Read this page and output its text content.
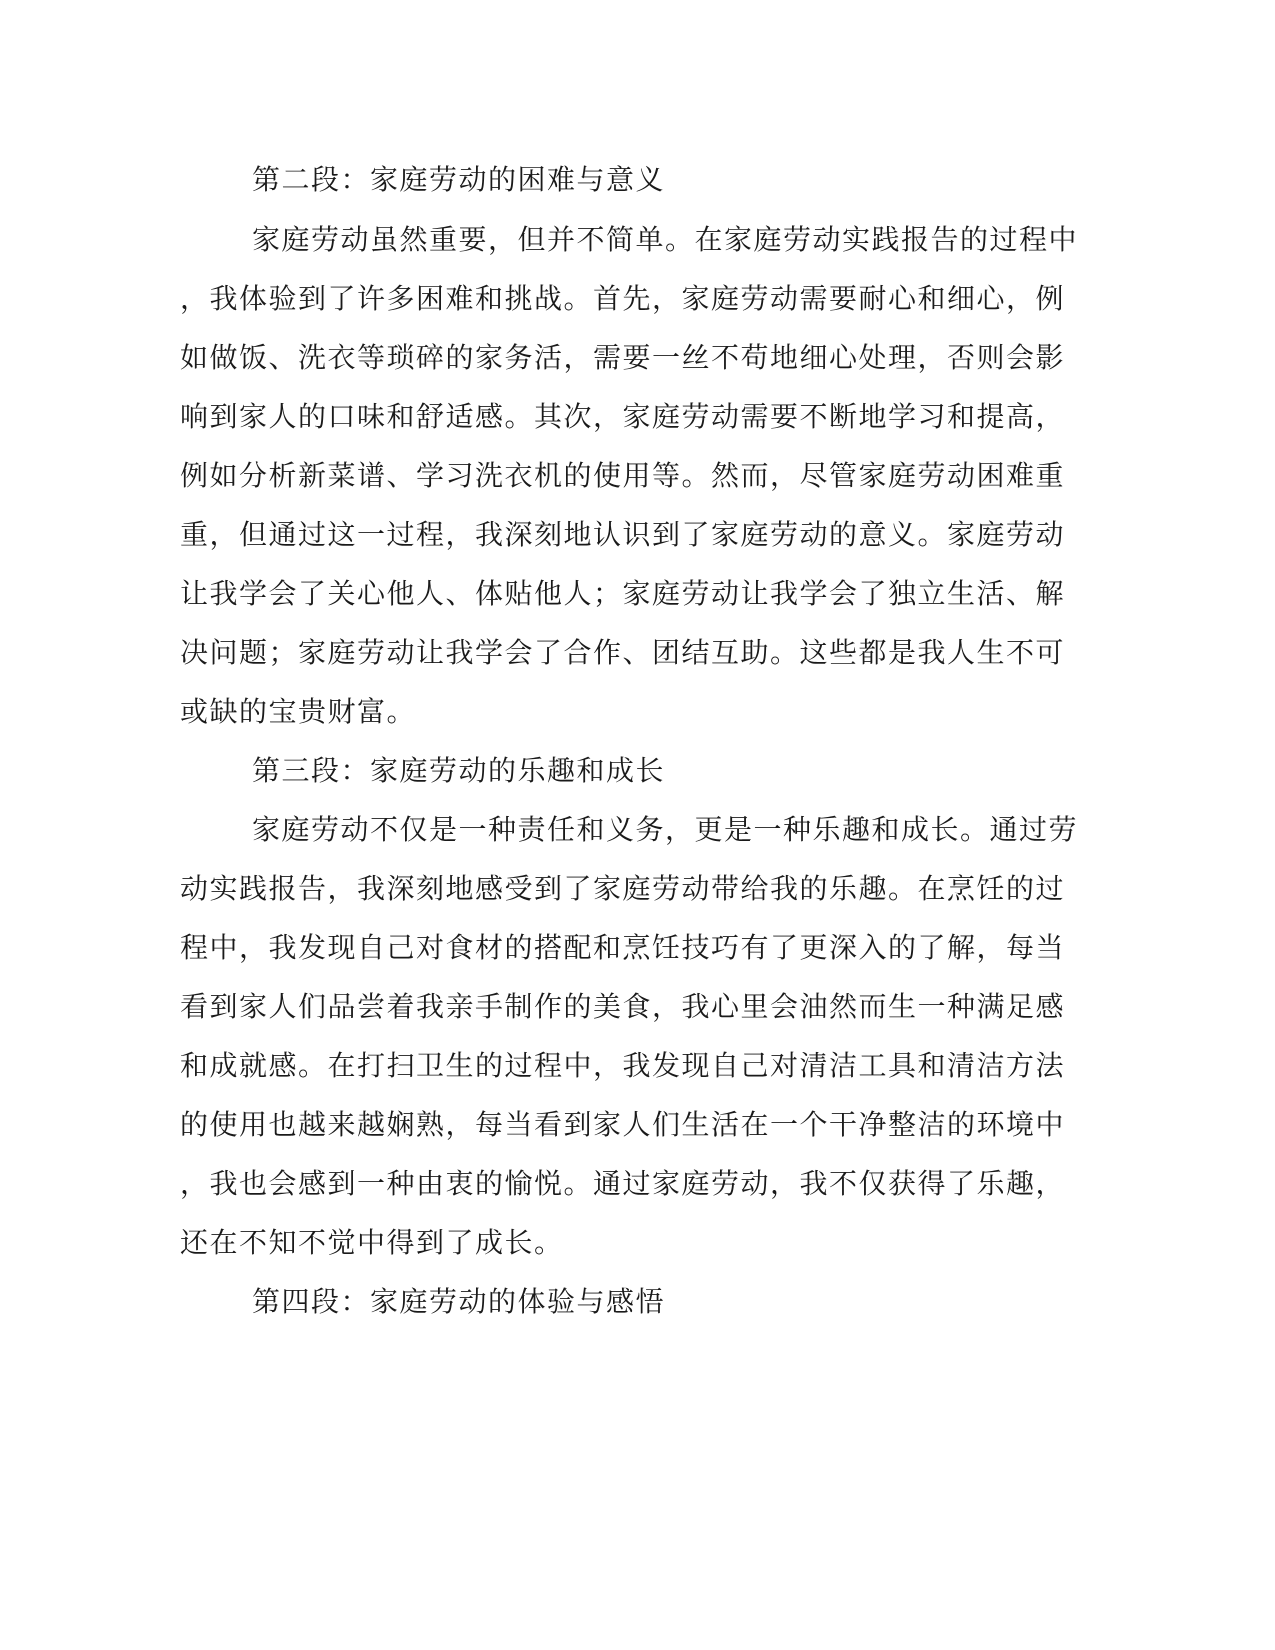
第二段：家庭劳动的困难与意义
家庭劳动虽然重要，但并不简单。在家庭劳动实践报告的过程中
，我体验到了许多困难和挑战。首先，家庭劳动需要耐心和细心，例
如做饭、洗衣等琐碎的家务活，需要一丝不苟地细心处理，否则会影
响到家人的口味和舒适感。其次，家庭劳动需要不断地学习和提高，
例如分析新菜谱、学习洗衣机的使用等。然而，尽管家庭劳动困难重
重，但通过这一过程，我深刻地认识到了家庭劳动的意义。家庭劳动
让我学会了关心他人、体贴他人；家庭劳动让我学会了独立生活、解
决问题；家庭劳动让我学会了合作、团结互助。这些都是我人生不可
或缺的宝贵财富。
第三段：家庭劳动的乐趣和成长
家庭劳动不仅是一种责任和义务，更是一种乐趣和成长。通过劳
动实践报告，我深刻地感受到了家庭劳动带给我的乐趣。在烹饪的过
程中，我发现自己对食材的搭配和烹饪技巧有了更深入的了解，每当
看到家人们品尝着我亲手制作的美食，我心里会油然而生一种满足感
和成就感。在打扫卫生的过程中，我发现自己对清洁工具和清洁方法
的使用也越来越娴熟，每当看到家人们生活在一个干净整洁的环境中
，我也会感到一种由衷的愉悦。通过家庭劳动，我不仅获得了乐趣，
还在不知不觉中得到了成长。
第四段：家庭劳动的体验与感悟
